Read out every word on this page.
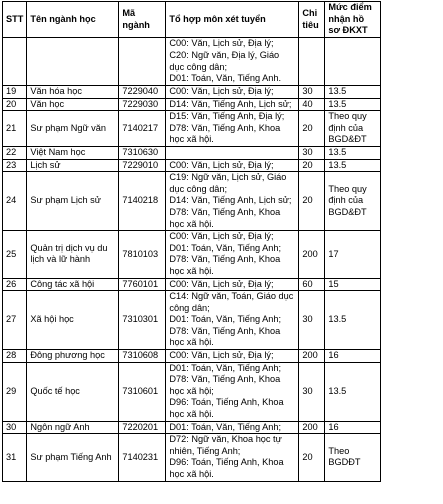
STT	Tên ngành học	Mã ngành	Tổ hợp môn xét tuyển	Chỉ tiêu	Mức điểm nhận hồ sơ ĐKXT

			C00: Văn, Lịch sử, Địa lý;
C20: Ngữ văn, Địa lý, Giáo dục công dân;
D01: Toán, Văn, Tiếng Anh.		

19	Văn hóa học	7229040	C00: Văn, Lịch sử, Địa lý;	30	13.5
20	Văn học	7229030	D14: Văn, Tiếng Anh, Lịch sử;	40	13.5
21	Sư phạm Ngữ văn	7140217	D15: Văn, Tiếng Anh, Địa lý;
D78: Văn, Tiếng Anh, Khoa học xã hội.	20	Theo quy định của BGD&ĐT
22	Việt Nam học	7310630		30	13.5
23	Lịch sử	7229010	C00: Văn, Lịch sử, Địa lý;	20	13.5
24	Sư phạm Lịch sử	7140218	C19: Ngữ văn, Lịch sử, Giáo dục công dân;
D14: Văn, Tiếng Anh, Lịch sử;
D78: Văn, Tiếng Anh, Khoa học xã hội.	20	Theo quy định của BGD&ĐT
25	Quản trị dịch vụ du lịch và lữ hành	7810103	C00: Văn, Lịch sử, Địa lý;
D01: Toán, Văn, Tiếng Anh;
D78: Văn, Tiếng Anh, Khoa học xã hội.	200	17
26	Công tác xã hội	7760101	C00: Văn, Lịch sử, Địa lý;	60	15
27	Xã hội học	7310301	C14: Ngữ văn, Toán, Giáo dục công dân;
D01: Toán, Văn, Tiếng Anh;
D78: Văn, Tiếng Anh, Khoa học xã hội.	30	13.5
28	Đông phương học	7310608	C00: Văn, Lịch sử, Địa lý;	200	16
29	Quốc tế học	7310601	D01: Toán, Văn, Tiếng Anh;
D78: Văn, Tiếng Anh, Khoa học xã hội;
D96: Toán, Tiếng Anh, Khoa học xã hội.	30	13.5
30	Ngôn ngữ Anh	7220201	D01: Toán, Văn, Tiếng Anh;	200	16
31	Sư phạm Tiếng Anh	7140231	D72: Ngữ văn, Khoa học tự nhiên, Tiếng Anh;
D96: Toán, Tiếng Anh, Khoa học xã hội.	20	Theo BGDĐT
